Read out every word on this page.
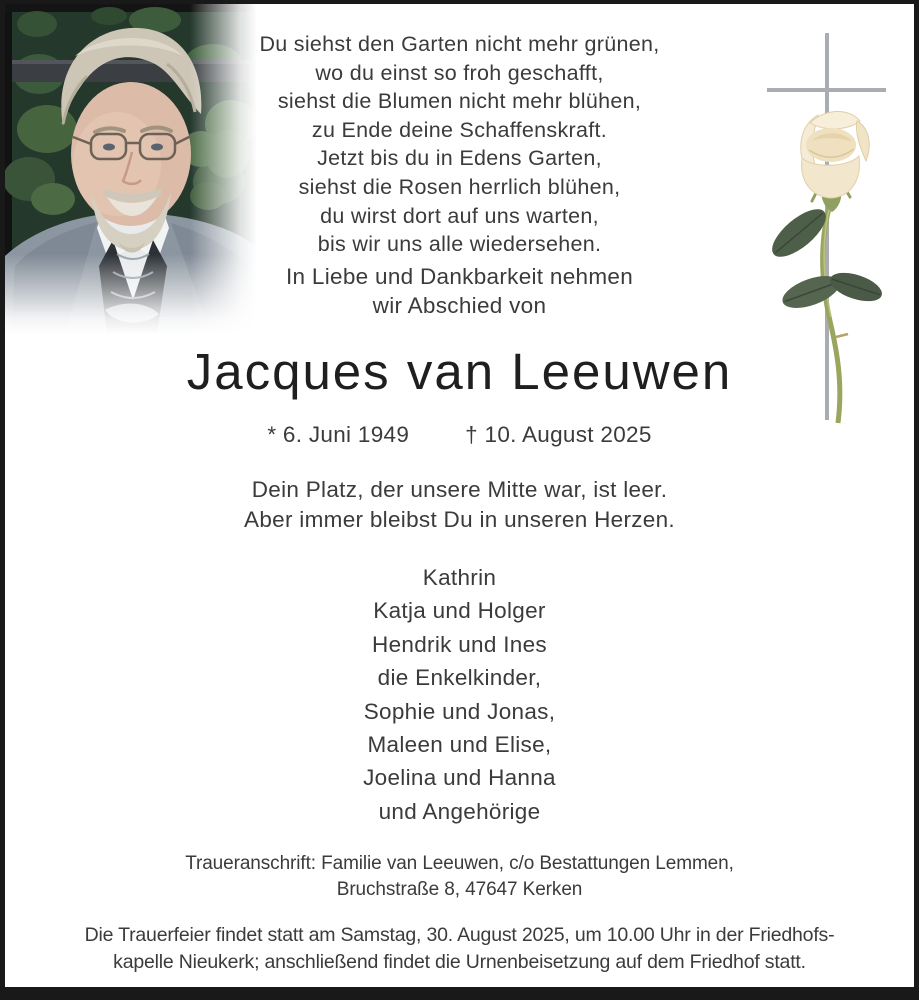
Du siehst den Garten nicht mehr grünen,
wo du einst so froh geschafft,
siehst die Blumen nicht mehr blühen,
zu Ende deine Schaffenskraft.
Jetzt bis du in Edens Garten,
siehst die Rosen herrlich blühen,
du wirst dort auf uns warten,
bis wir uns alle wiedersehen.
In Liebe und Dankbarkeit nehmen
wir Abschied von
Jacques van Leeuwen
* 6. Juni 1949 † 10. August 2025
Dein Platz, der unsere Mitte war, ist leer.
Aber immer bleibst Du in unseren Herzen.
Kathrin
Katja und Holger
Hendrik und Ines
die Enkelkinder,
Sophie und Jonas,
Maleen und Elise,
Joelina und Hanna
und Angehörige
Traueranschrift: Familie van Leeuwen, c/o Bestattungen Lemmen,
Bruchstraße 8, 47647 Kerken
Die Trauerfeier findet statt am Samstag, 30. August 2025, um 10.00 Uhr in der Friedhofs-
kapelle Nieukerk; anschließend findet die Urnenbeisetzung auf dem Friedhof statt.
